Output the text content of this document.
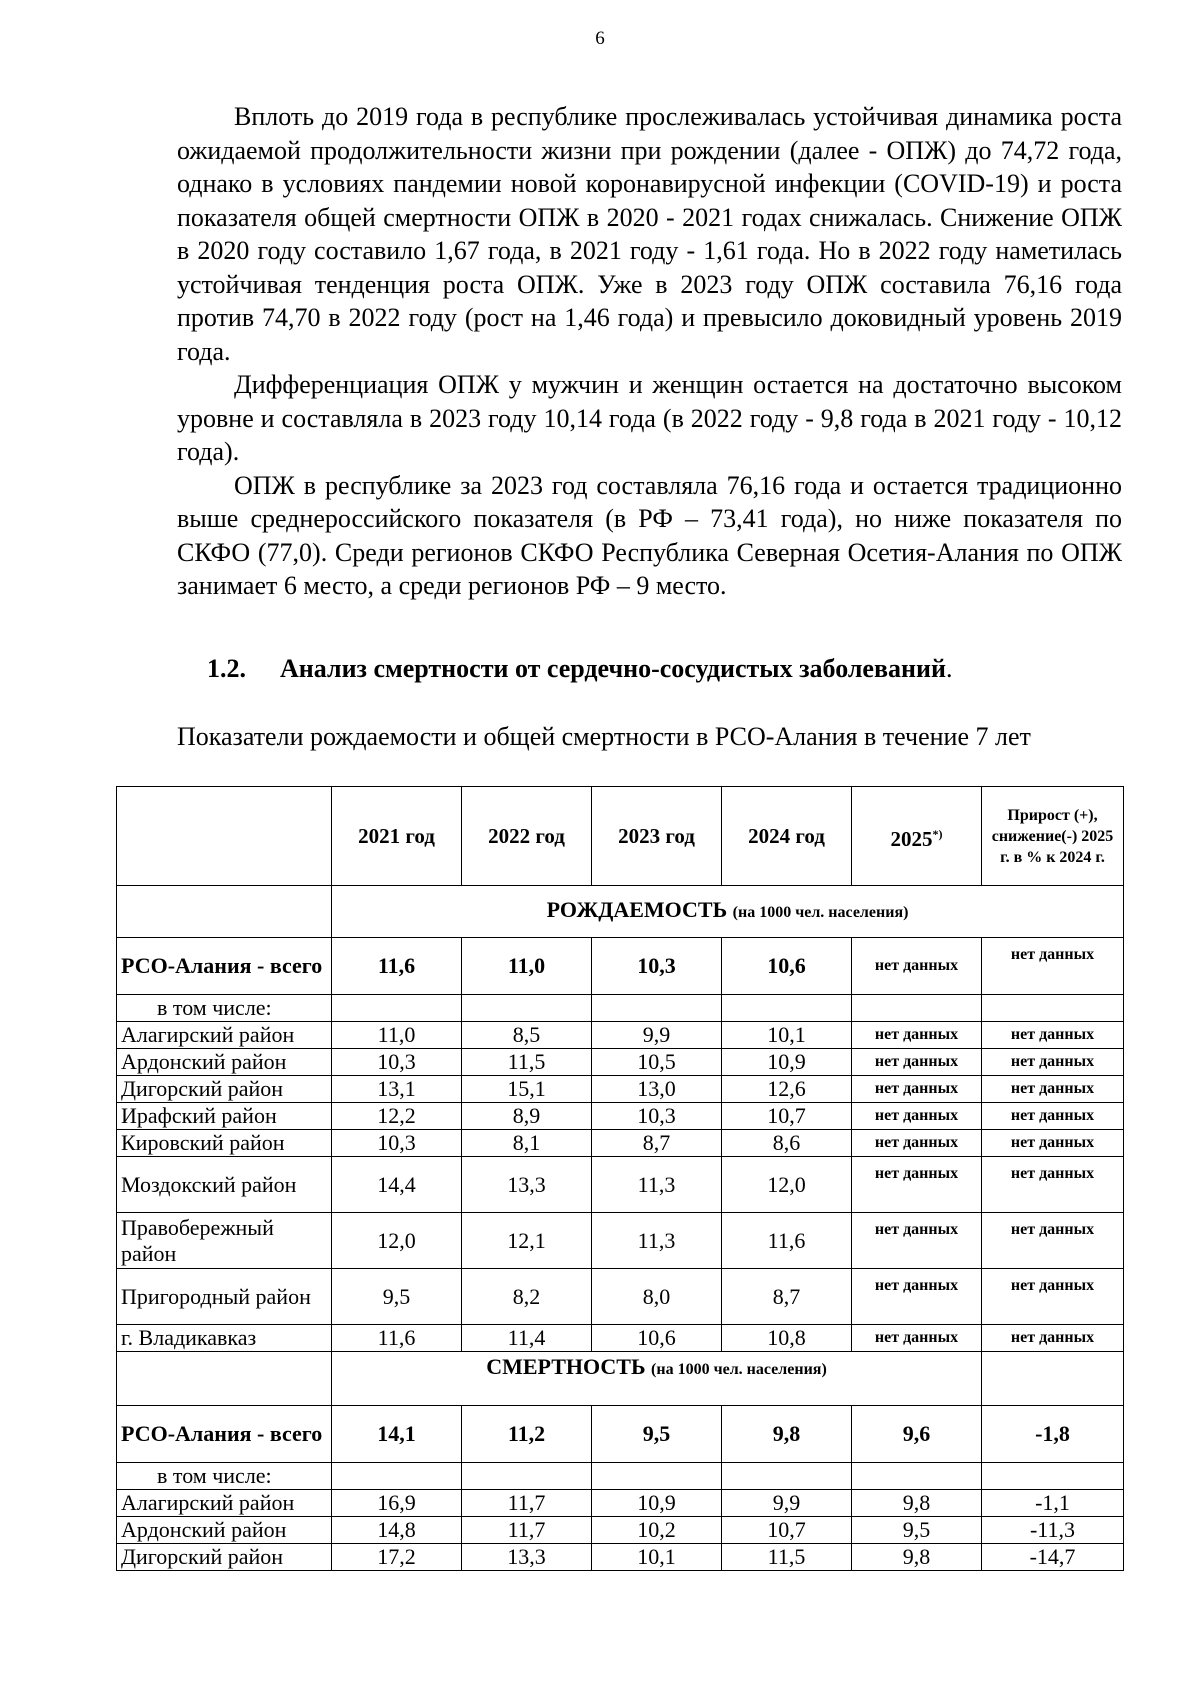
6

Вплоть до 2019 года в республике прослеживалась устойчивая динамика роста ожидаемой продолжительности жизни при рождении (далее - ОПЖ) до 74,72 года, однако в условиях пандемии новой коронавирусной инфекции (COVID-19) и роста показателя общей смертности ОПЖ в 2020 - 2021 годах снижалась. Снижение ОПЖ в 2020 году составило 1,67 года, в 2021 году - 1,61 года. Но в 2022 году наметилась устойчивая тенденция роста ОПЖ. Уже в 2023 году ОПЖ составила 76,16 года против 74,70 в 2022 году (рост на 1,46 года) и превысило доковидный уровень 2019 года.

Дифференциация ОПЖ у мужчин и женщин остается на достаточно высоком уровне и составляла в 2023 году 10,14 года (в 2022 году - 9,8 года в 2021 году - 10,12 года).

ОПЖ в республике за 2023 год составляла 76,16 года и остается традиционно выше среднероссийского показателя (в РФ – 73,41 года), но ниже показателя по СКФО (77,0). Среди регионов СКФО Республика Северная Осетия-Алания по ОПЖ занимает 6 место, а среди регионов РФ – 9 место.

1.2. Анализ смертности от сердечно-сосудистых заболеваний.
Показатели рождаемости и общей смертности в РСО-Алания в течение 7 лет
	2021 год	2022 год	2023 год	2024 год	2025*)	Прирост (+), снижение(-) 2025 г. в % к 2024 г.
	РОЖДАЕМОСТЬ (на 1000 чел. населения)					
РСО-Алания - всего	11,6	11,0	10,3	10,6	нет данных	нет данных
в том числе:						
Алагирский район	11,0	8,5	9,9	10,1	нет данных	нет данных
Ардонский район	10,3	11,5	10,5	10,9	нет данных	нет данных
Дигорский район	13,1	15,1	13,0	12,6	нет данных	нет данных
Ирафский район	12,2	8,9	10,3	10,7	нет данных	нет данных
Кировский район	10,3	8,1	8,7	8,6	нет данных	нет данных
Моздокский район	14,4	13,3	11,3	12,0	нет данных	нет данных
Правобережный район	12,0	12,1	11,3	11,6	нет данных	нет данных
Пригородный район	9,5	8,2	8,0	8,7	нет данных	нет данных
г. Владикавказ	11,6	11,4	10,6	10,8	нет данных	нет данных
	СМЕРТНОСТЬ (на 1000 чел. населения)					
РСО-Алания - всего	14,1	11,2	9,5	9,8	9,6	-1,8
в том числе:						
Алагирский район	16,9	11,7	10,9	9,9	9,8	-1,1
Ардонский район	14,8	11,7	10,2	10,7	9,5	-11,3
Дигорский район	17,2	13,3	10,1	11,5	9,8	-14,7
